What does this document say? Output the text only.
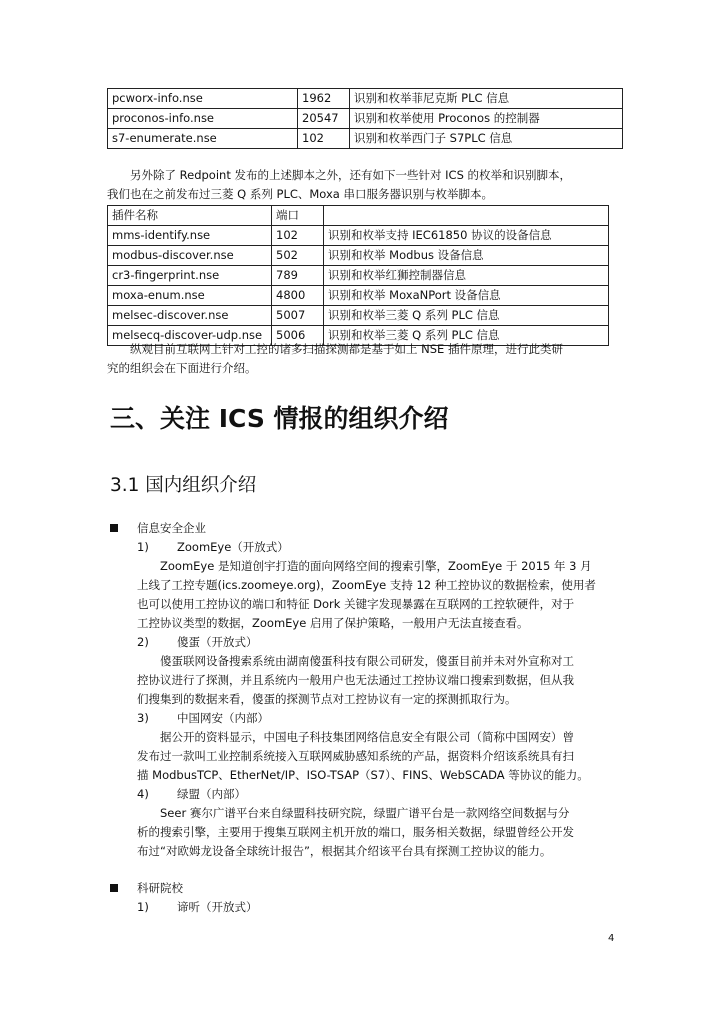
pcworx-info.nse	1962	识别和枚举菲尼克斯 PLC 信息
proconos-info.nse	20547	识别和枚举使用 Proconos 的控制器
s7-enumerate.nse	102	识别和枚举西门子 S7PLC 信息
另外除了 Redpoint 发布的上述脚本之外，还有如下一些针对 ICS 的枚举和识别脚本，
我们也在之前发布过三菱 Q 系列 PLC、Moxa 串口服务器识别与枚举脚本。
插件名称	端口	
mms-identify.nse	102	识别和枚举支持 IEC61850 协议的设备信息
modbus-discover.nse	502	识别和枚举 Modbus 设备信息
cr3-fingerprint.nse	789	识别和枚举红狮控制器信息
moxa-enum.nse	4800	识别和枚举 MoxaNPort 设备信息
melsec-discover.nse	5007	识别和枚举三菱 Q 系列 PLC 信息
melsecq-discover-udp.nse	5006	识别和枚举三菱 Q 系列 PLC 信息
纵观目前互联网上针对工控的诸多扫描探测都是基于如上 NSE 插件原理，进行此类研
究的组织会在下面进行介绍。
三、关注 ICS 情报的组织介绍
3.1 国内组织介绍
信息安全企业
1) ZoomEye（开放式）
ZoomEye 是知道创宇打造的面向网络空间的搜索引擎，ZoomEye 于 2015 年 3 月
上线了工控专题(ics.zoomeye.org)，ZoomEye 支持 12 种工控协议的数据检索，使用者
也可以使用工控协议的端口和特征 Dork 关键字发现暴露在互联网的工控软硬件，对于
工控协议类型的数据，ZoomEye 启用了保护策略，一般用户无法直接查看。
2) 傻蛋（开放式）
傻蛋联网设备搜索系统由湖南傻蛋科技有限公司研发，傻蛋目前并未对外宣称对工
控协议进行了探测，并且系统内一般用户也无法通过工控协议端口搜索到数据，但从我
们搜集到的数据来看，傻蛋的探测节点对工控协议有一定的探测抓取行为。
3) 中国网安（内部）
据公开的资料显示，中国电子科技集团网络信息安全有限公司（简称中国网安）曾
发布过一款叫工业控制系统接入互联网威胁感知系统的产品，据资料介绍该系统具有扫
描 ModbusTCP、EtherNet/IP、ISO-TSAP（S7）、FINS、WebSCADA 等协议的能力。
4) 绿盟（内部）
Seer 赛尔广谱平台来自绿盟科技研究院，绿盟广谱平台是一款网络空间数据与分
析的搜索引擎，主要用于搜集互联网主机开放的端口，服务相关数据，绿盟曾经公开发
布过“对欧姆龙设备全球统计报告”，根据其介绍该平台具有探测工控协议的能力。
科研院校
1) 谛听（开放式）
4
